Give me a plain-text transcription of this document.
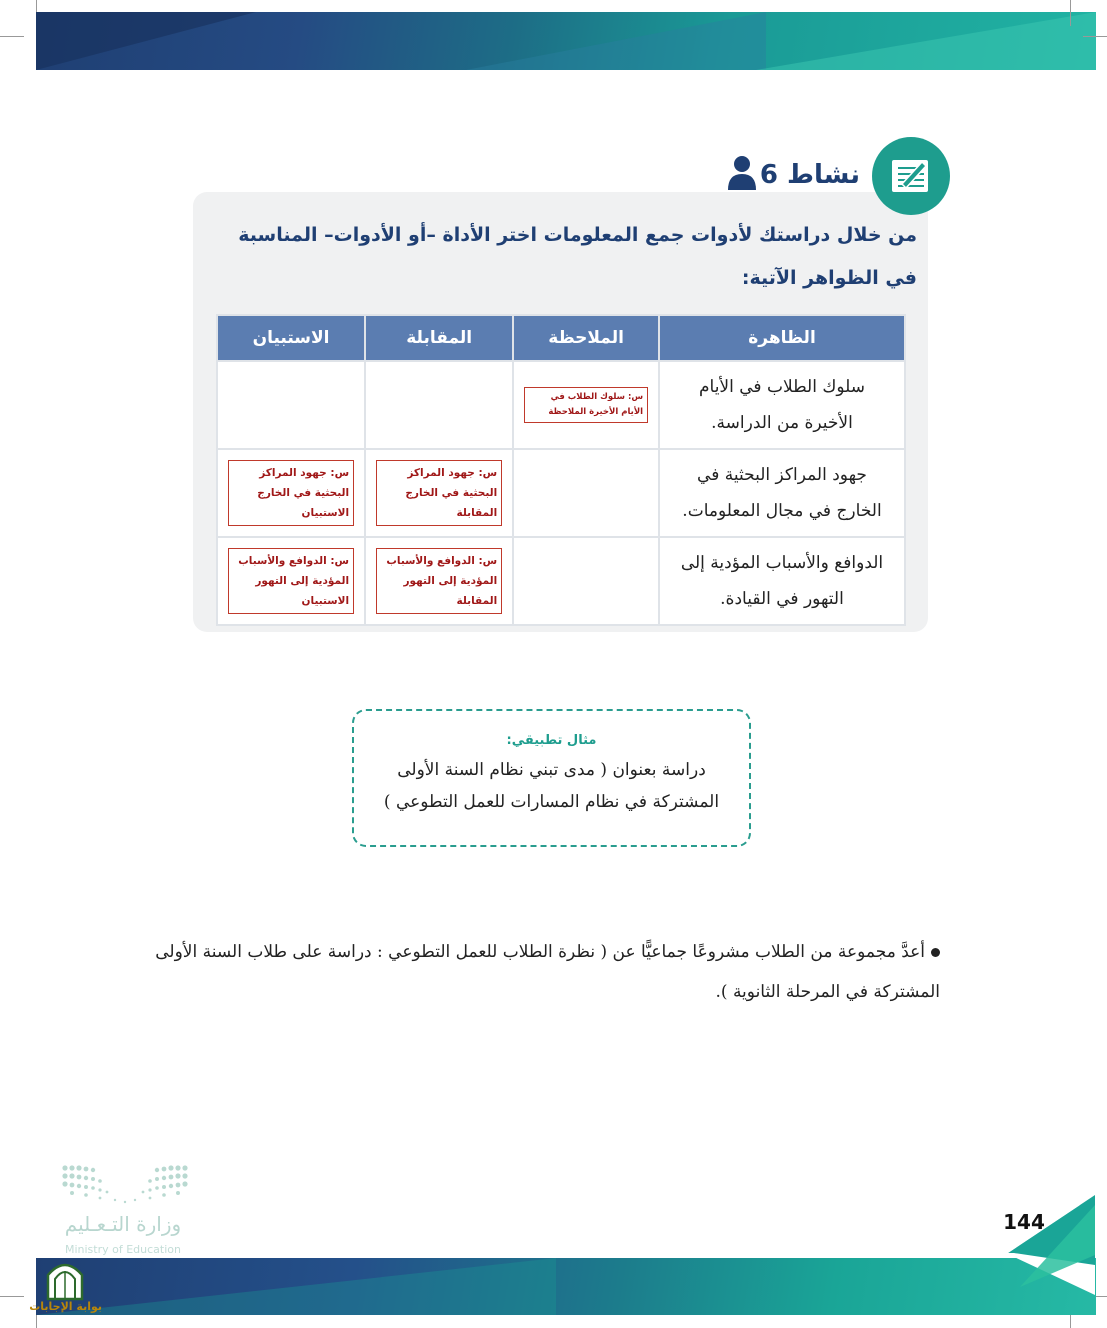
نشاط 6
من خلال دراستك لأدوات جمع المعلومات اختر الأداة –أو الأدوات– المناسبة في الظواهر الآتية:
الظاهرة	الملاحظة	المقابلة	الاستبيان
سلوك الطلاب في الأيام الأخيرة من الدراسة.	س: سلوك الطلاب في الأيام الأخيرة الملاحظة		

جهود المراكز البحثية في الخارج في مجال المعلومات.		س: جهود المراكز البحثية في الخارج المقابلة	س: جهود المراكز البحثية في الخارج الاستبيان

الدوافع والأسباب المؤدية إلى التهور في القيادة.		س: الدوافع والأسباب المؤدية إلى التهور المقابلة	س: الدوافع والأسباب المؤدية إلى التهور الاستبيان
مثال تطبيقي:
دراسة بعنوان ( مدى تبني نظام السنة الأولى
المشتركة في نظام المسارات للعمل التطوعي )
أعدَّ مجموعة من الطلاب مشروعًا جماعيًّا عن ( نظرة الطلاب للعمل التطوعي : دراسة على طلاب السنة الأولى المشتركة في المرحلة الثانوية ).
وزارة التـعـليم
Ministry of Education
144
بوابة الإجابات
